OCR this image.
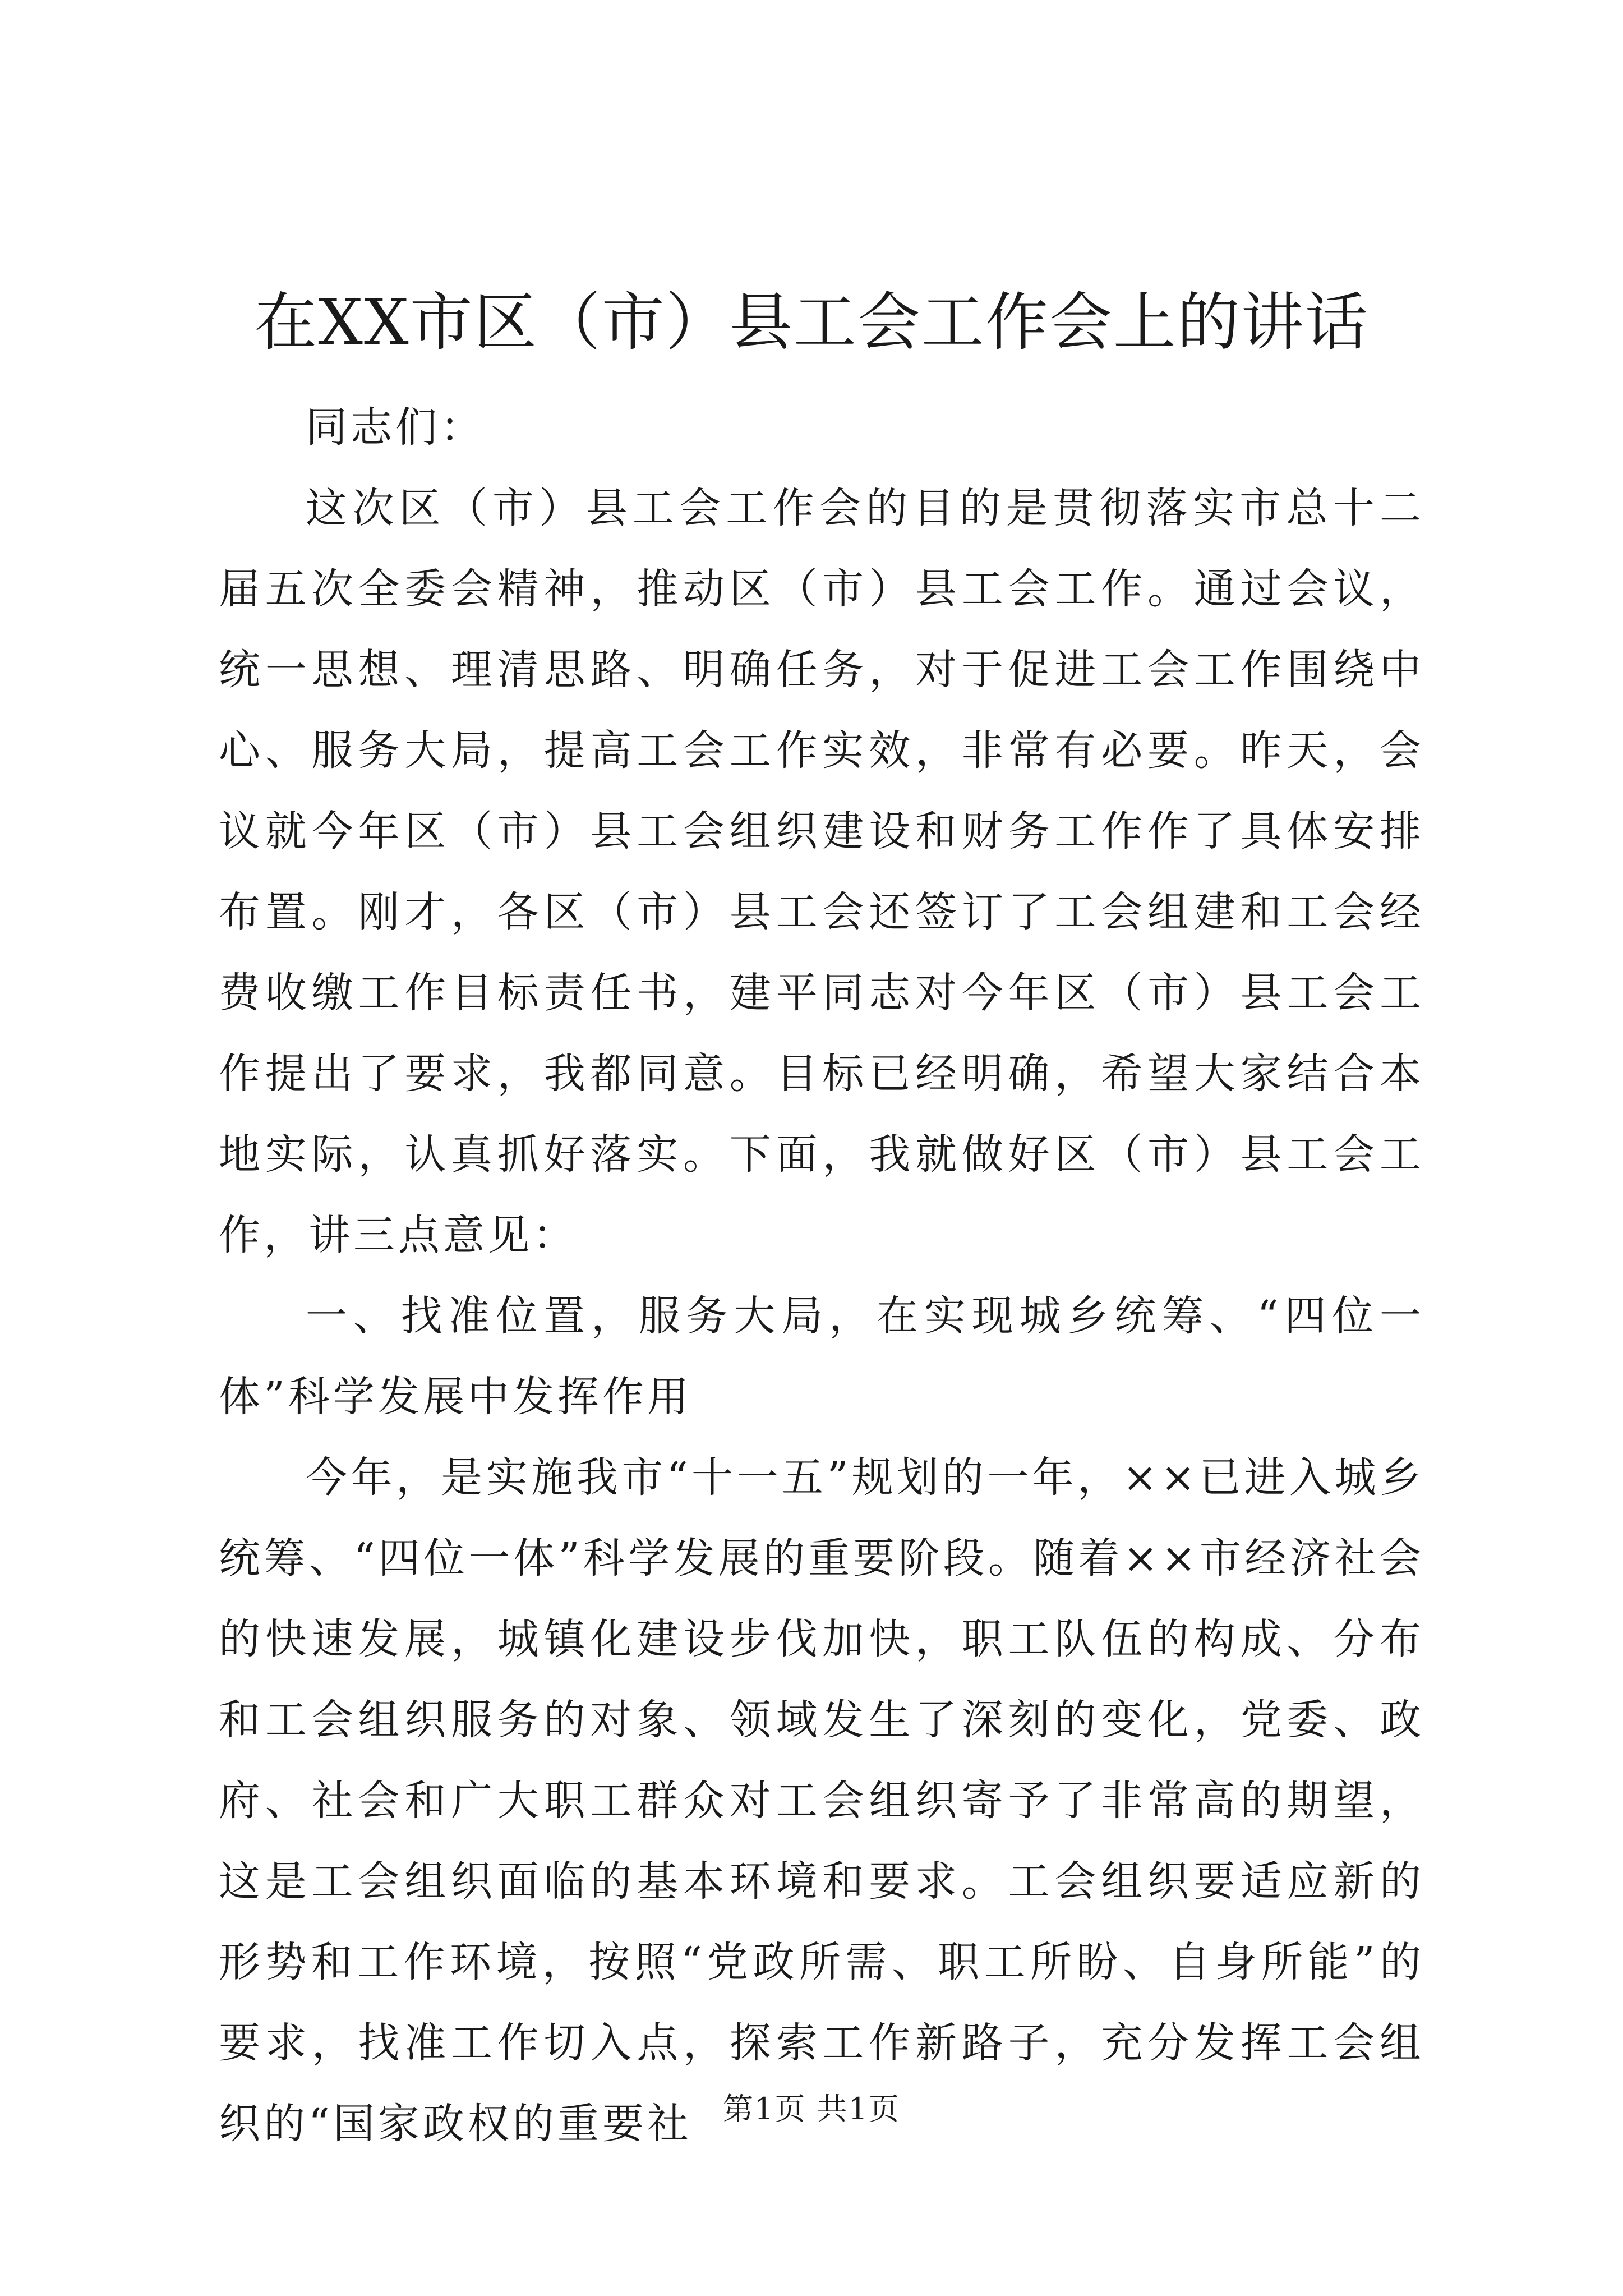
在XX市区（市）县工会工作会上的讲话

同志们：

这次区（市）县工会工作会的目的是贯彻落实市总十二届五次全委会精神，推动区（市）县工会工作。通过会议，统一思想、理清思路、明确任务，对于促进工会工作围绕中心、服务大局，提高工会工作实效，非常有必要。昨天，会议就今年区（市）县工会组织建设和财务工作作了具体安排布置。刚才，各区（市）县工会还签订了工会组建和工会经费收缴工作目标责任书，建平同志对今年区（市）县工会工作提出了要求，我都同意。目标已经明确，希望大家结合本地实际，认真抓好落实。下面，我就做好区（市）县工会工作，讲三点意见：

一、找准位置，服务大局，在实现城乡统筹、“四位一体”科学发展中发挥作用

今年，是实施我市“十一五”规划的一年，××已进入城乡统筹、“四位一体”科学发展的重要阶段。随着××市经济社会的快速发展，城镇化建设步伐加快，职工队伍的构成、分布和工会组织服务的对象、领域发生了深刻的变化，党委、政府、社会和广大职工群众对工会组织寄予了非常高的期望，这是工会组织面临的基本环境和要求。工会组织要适应新的形势和工作环境，按照“党政所需、职工所盼、自身所能”的要求，找准工作切入点，探索工作新路子，充分发挥工会组织的“国家政权的重要社	第1页 共1页
